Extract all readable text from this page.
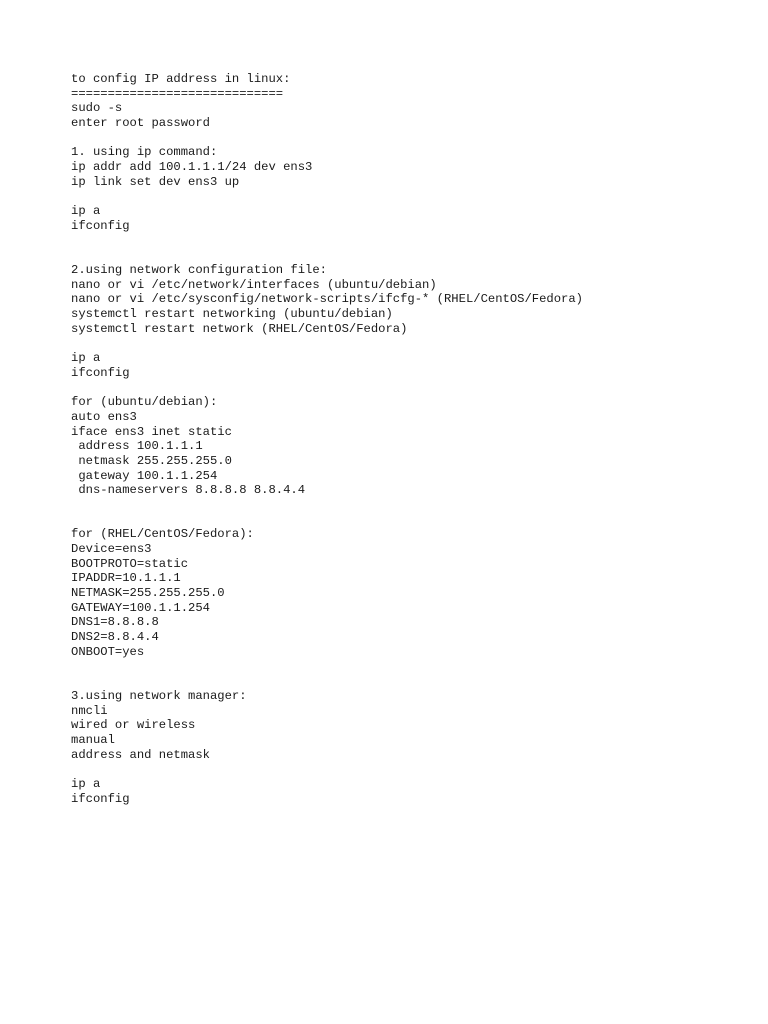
to config IP address in linux:
=============================
sudo -s
enter root password
1. using ip command:
ip addr add 100.1.1.1/24 dev ens3
ip link set dev ens3 up
ip a
ifconfig
2.using network configuration file:
nano or vi /etc/network/interfaces (ubuntu/debian)
nano or vi /etc/sysconfig/network-scripts/ifcfg-* (RHEL/CentOS/Fedora)
systemctl restart networking (ubuntu/debian)
systemctl restart network (RHEL/CentOS/Fedora)
ip a
ifconfig
for (ubuntu/debian):
auto ens3
iface ens3 inet static
address 100.1.1.1
netmask 255.255.255.0
gateway 100.1.1.254
dns-nameservers 8.8.8.8 8.8.4.4
for (RHEL/CentOS/Fedora):
Device=ens3
BOOTPROTO=static
IPADDR=10.1.1.1
NETMASK=255.255.255.0
GATEWAY=100.1.1.254
DNS1=8.8.8.8
DNS2=8.8.4.4
ONBOOT=yes
3.using network manager:
nmcli
wired or wireless
manual
address and netmask
ip a
ifconfig
